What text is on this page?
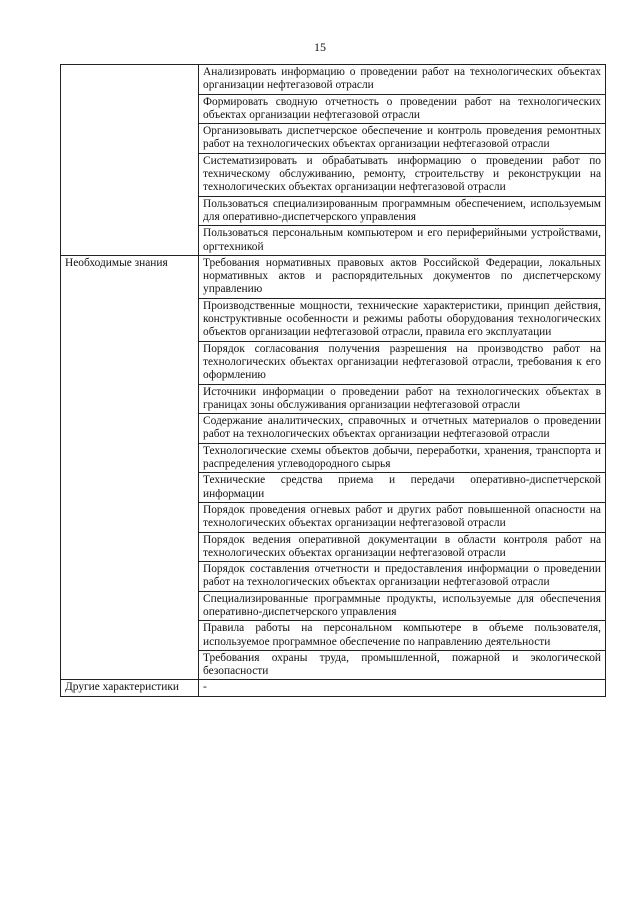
15
	Анализировать информацию о проведении работ на технологических объектах организации нефтегазовой отрасли
	Формировать сводную отчетность о проведении работ на технологических объектах организации нефтегазовой отрасли
	Организовывать диспетчерское обеспечение и контроль проведения ремонтных работ на технологических объектах организации нефтегазовой отрасли
	Систематизировать и обрабатывать информацию о проведении работ по техническому обслуживанию, ремонту, строительству и реконструкции на технологических объектах организации нефтегазовой отрасли
	Пользоваться специализированным программным обеспечением, используемым для оперативно-диспетчерского управления
	Пользоваться персональным компьютером и его периферийными устройствами, оргтехникой
Необходимые знания	Требования нормативных правовых актов Российской Федерации, локальных нормативных актов и распорядительных документов по диспетчерскому управлению
	Производственные мощности, технические характеристики, принцип действия, конструктивные особенности и режимы работы оборудования технологических объектов организации нефтегазовой отрасли, правила его эксплуатации
	Порядок согласования получения разрешения на производство работ на технологических объектах организации нефтегазовой отрасли, требования к его оформлению
	Источники информации о проведении работ на технологических объектах в границах зоны обслуживания организации нефтегазовой отрасли
	Содержание аналитических, справочных и отчетных материалов о проведении работ на технологических объектах организации нефтегазовой отрасли
	Технологические схемы объектов добычи, переработки, хранения, транспорта и распределения углеводородного сырья
	Технические средства приема и передачи оперативно-диспетчерской информации
	Порядок проведения огневых работ и других работ повышенной опасности на технологических объектах организации нефтегазовой отрасли
	Порядок ведения оперативной документации в области контроля работ на технологических объектах организации нефтегазовой отрасли
	Порядок составления отчетности и предоставления информации о проведении работ на технологических объектах организации нефтегазовой отрасли
	Специализированные программные продукты, используемые для обеспечения оперативно-диспетчерского управления
	Правила работы на персональном компьютере в объеме пользователя, используемое программное обеспечение по направлению деятельности
	Требования охраны труда, промышленной, пожарной и экологической безопасности
Другие характеристики	-
